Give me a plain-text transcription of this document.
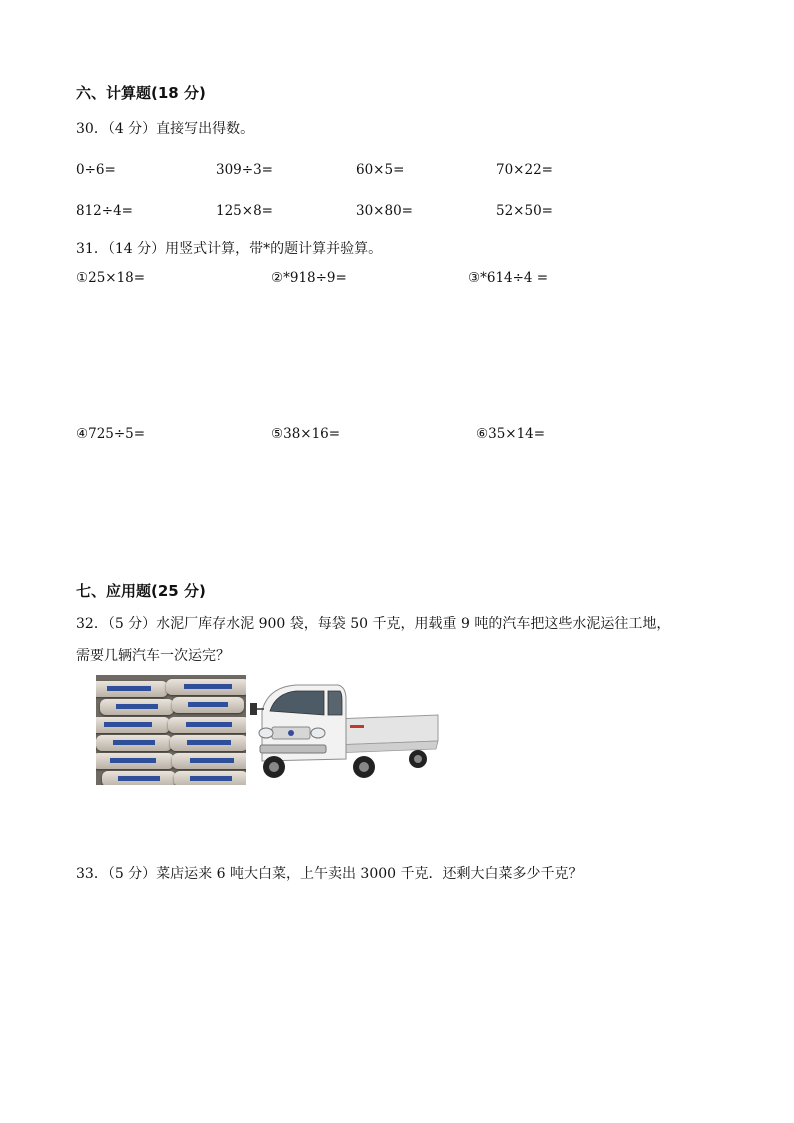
六、计算题(18 分)
30．（4 分）直接写出得数。
0÷6=	309÷3=	60×5=	70×22=
812÷4=	125×8=	30×80=	52×50=
31．（14 分）用竖式计算，带*的题计算并验算。
①25×18=	②*918÷9=	③*614÷4 =
④725÷5=	⑤38×16=	⑥35×14=
七、应用题(25 分)
32．（5 分）水泥厂库存水泥 900 袋，每袋 50 千克，用载重 9 吨的汽车把这些水泥运往工地，
需要几辆汽车一次运完？
33．（5 分）菜店运来 6 吨大白菜，上午卖出 3000 千克．还剩大白菜多少千克？
